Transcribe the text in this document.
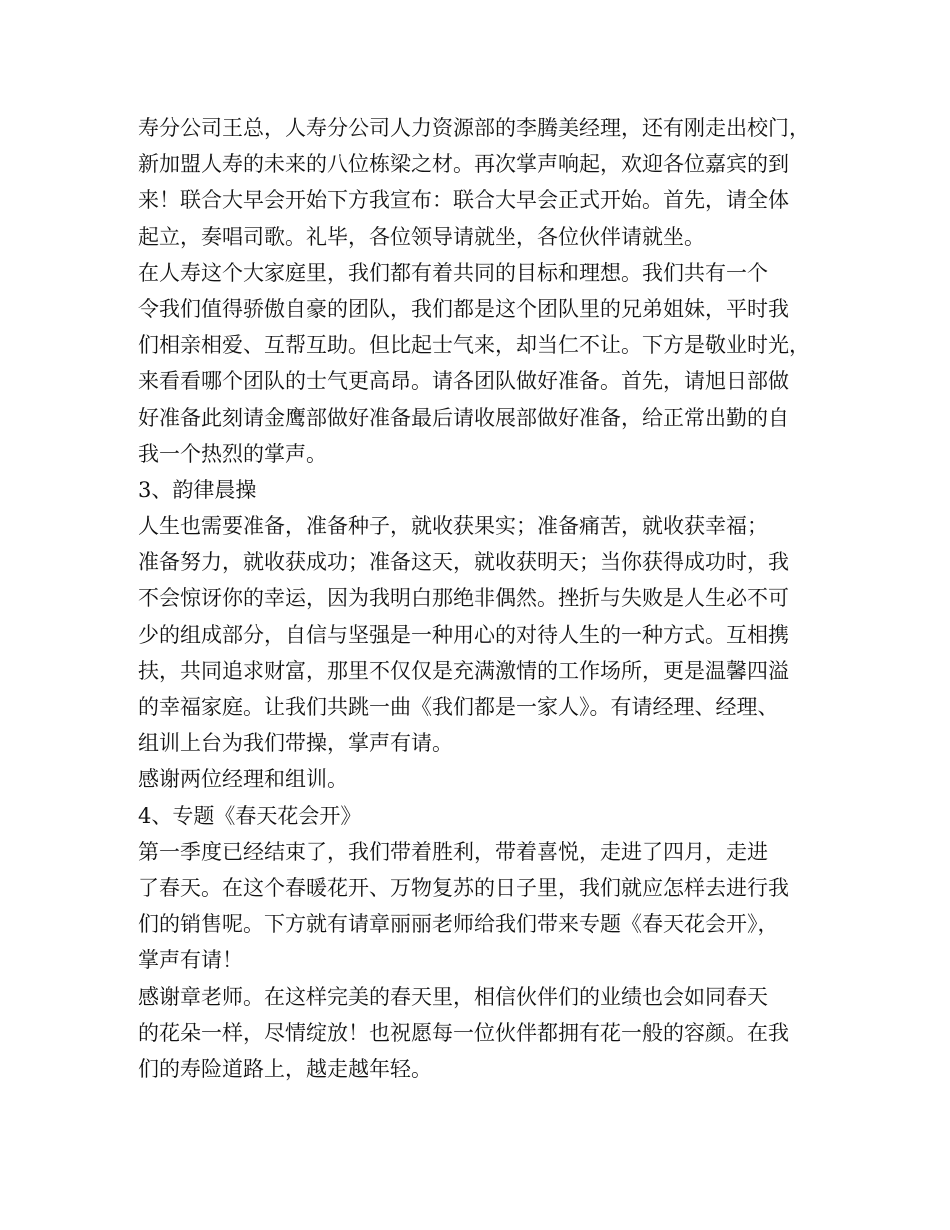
寿分公司王总，人寿分公司人力资源部的李腾美经理，还有刚走出校门，
新加盟人寿的未来的八位栋梁之材。再次掌声响起，欢迎各位嘉宾的到
来！联合大早会开始下方我宣布：联合大早会正式开始。首先，请全体
起立，奏唱司歌。礼毕，各位领导请就坐，各位伙伴请就坐。
在人寿这个大家庭里，我们都有着共同的目标和理想。我们共有一个
令我们值得骄傲自豪的团队，我们都是这个团队里的兄弟姐妹，平时我
们相亲相爱、互帮互助。但比起士气来，却当仁不让。下方是敬业时光，
来看看哪个团队的士气更高昂。请各团队做好准备。首先，请旭日部做
好准备此刻请金鹰部做好准备最后请收展部做好准备，给正常出勤的自
我一个热烈的掌声。
3、韵律晨操
人生也需要准备，准备种子，就收获果实；准备痛苦，就收获幸福；
准备努力，就收获成功；准备这天，就收获明天；当你获得成功时，我
不会惊讶你的幸运，因为我明白那绝非偶然。挫折与失败是人生必不可
少的组成部分，自信与坚强是一种用心的对待人生的一种方式。互相携
扶，共同追求财富，那里不仅仅是充满激情的工作场所，更是温馨四溢
的幸福家庭。让我们共跳一曲《我们都是一家人》。有请经理、经理、
组训上台为我们带操，掌声有请。
感谢两位经理和组训。
4、专题《春天花会开》
第一季度已经结束了，我们带着胜利，带着喜悦，走进了四月，走进
了春天。在这个春暖花开、万物复苏的日子里，我们就应怎样去进行我
们的销售呢。下方就有请章丽丽老师给我们带来专题《春天花会开》，
掌声有请！
感谢章老师。在这样完美的春天里，相信伙伴们的业绩也会如同春天
的花朵一样，尽情绽放！也祝愿每一位伙伴都拥有花一般的容颜。在我
们的寿险道路上，越走越年轻。
